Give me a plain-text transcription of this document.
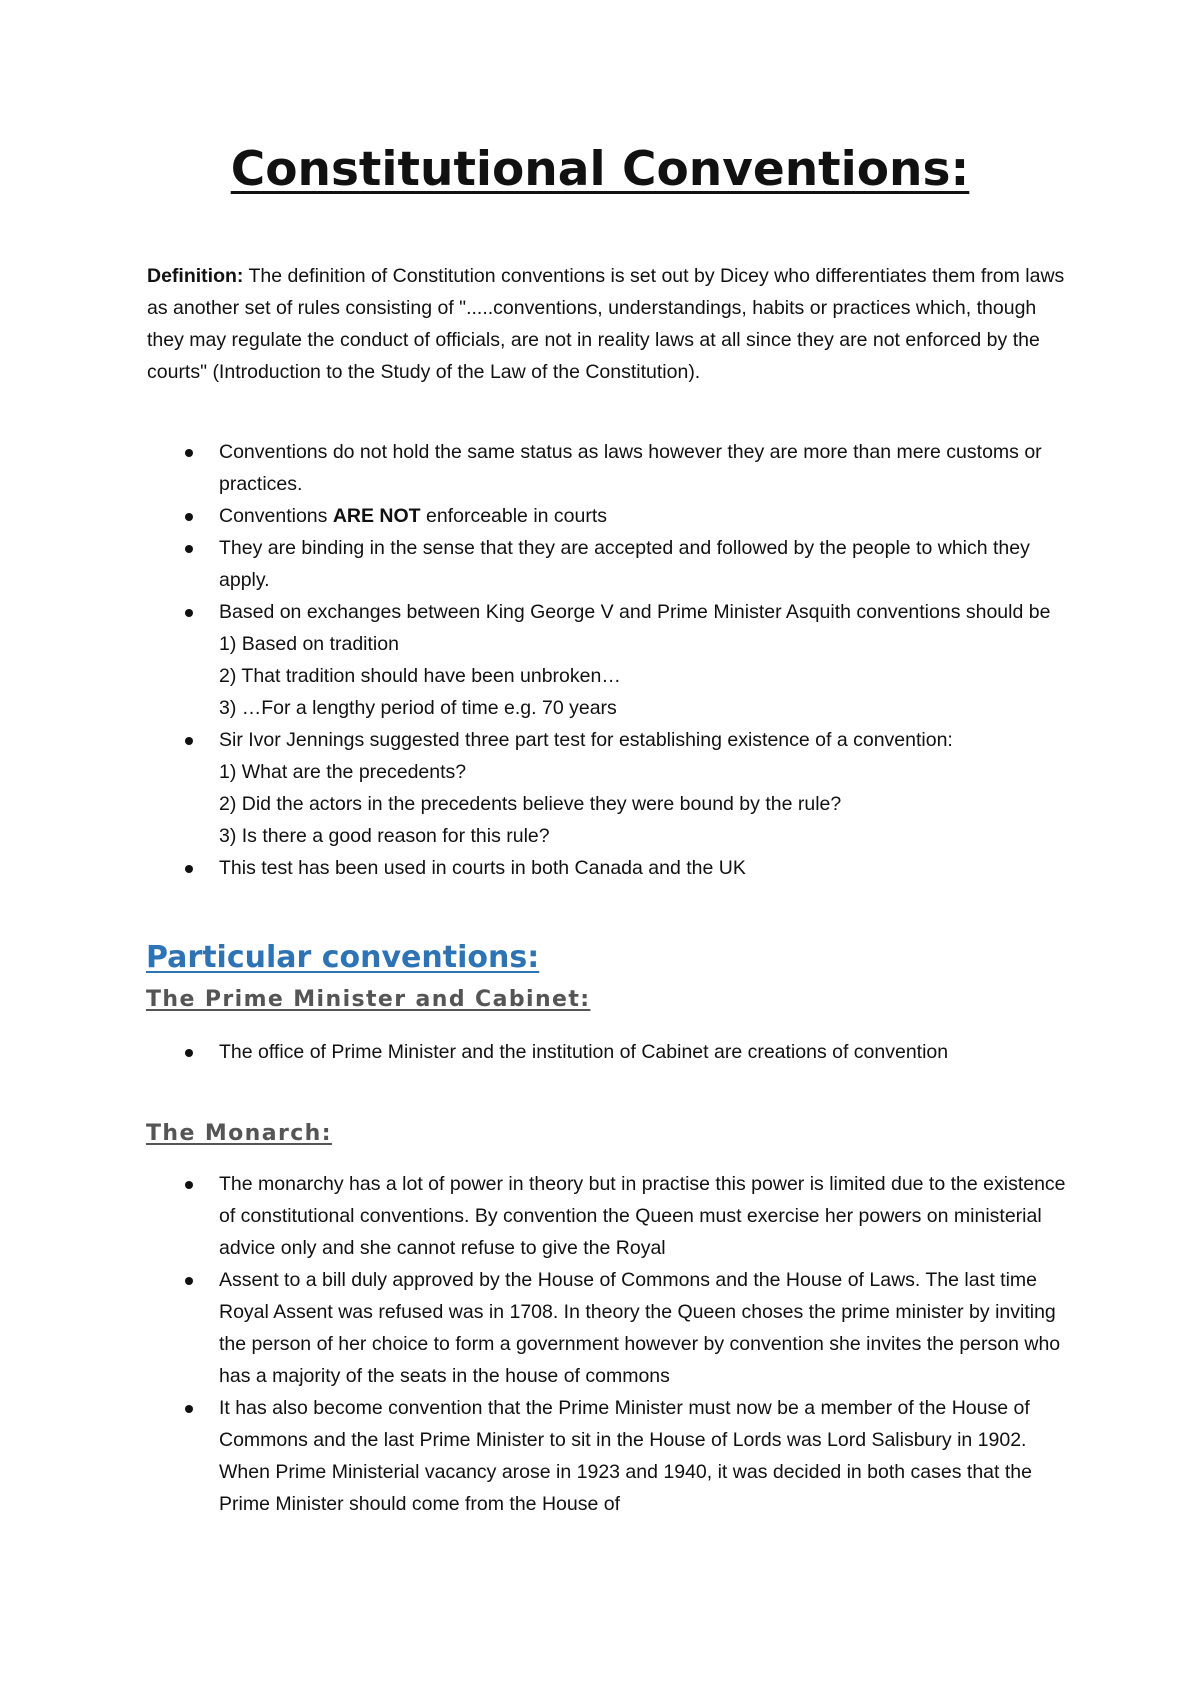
Constitutional Conventions:

Definition: The definition of Constitution conventions is set out by Dicey who differentiates them from laws as another set of rules consisting of ".....conventions, understandings, habits or practices which, though they may regulate the conduct of officials, are not in reality laws at all since they are not enforced by the courts" (Introduction to the Study of the Law of the Constitution).

Conventions do not hold the same status as laws however they are more than mere customs or practices.
Conventions ARE NOT enforceable in courts
They are binding in the sense that they are accepted and followed by the people to which they apply.
Based on exchanges between King George V and Prime Minister Asquith conventions should be
1) Based on tradition
2) That tradition should have been unbroken…
3) …For a lengthy period of time e.g. 70 years
Sir Ivor Jennings suggested three part test for establishing existence of a convention:
1) What are the precedents?
2) Did the actors in the precedents believe they were bound by the rule?
3) Is there a good reason for this rule?
This test has been used in courts in both Canada and the UK
Particular conventions:
The Prime Minister and Cabinet:
The office of Prime Minister and the institution of Cabinet are creations of convention
The Monarch:
The monarchy has a lot of power in theory but in practise this power is limited due to the existence of constitutional conventions. By convention the Queen must exercise her powers on ministerial advice only and she cannot refuse to give the Royal
Assent to a bill duly approved by the House of Commons and the House of Laws. The last time Royal Assent was refused was in 1708. In theory the Queen choses the prime minister by inviting the person of her choice to form a government however by convention she invites the person who has a majority of the seats in the house of commons
It has also become convention that the Prime Minister must now be a member of the House of Commons and the last Prime Minister to sit in the House of Lords was Lord Salisbury in 1902. When Prime Ministerial vacancy arose in 1923 and 1940, it was decided in both cases that the Prime Minister should come from the House of
